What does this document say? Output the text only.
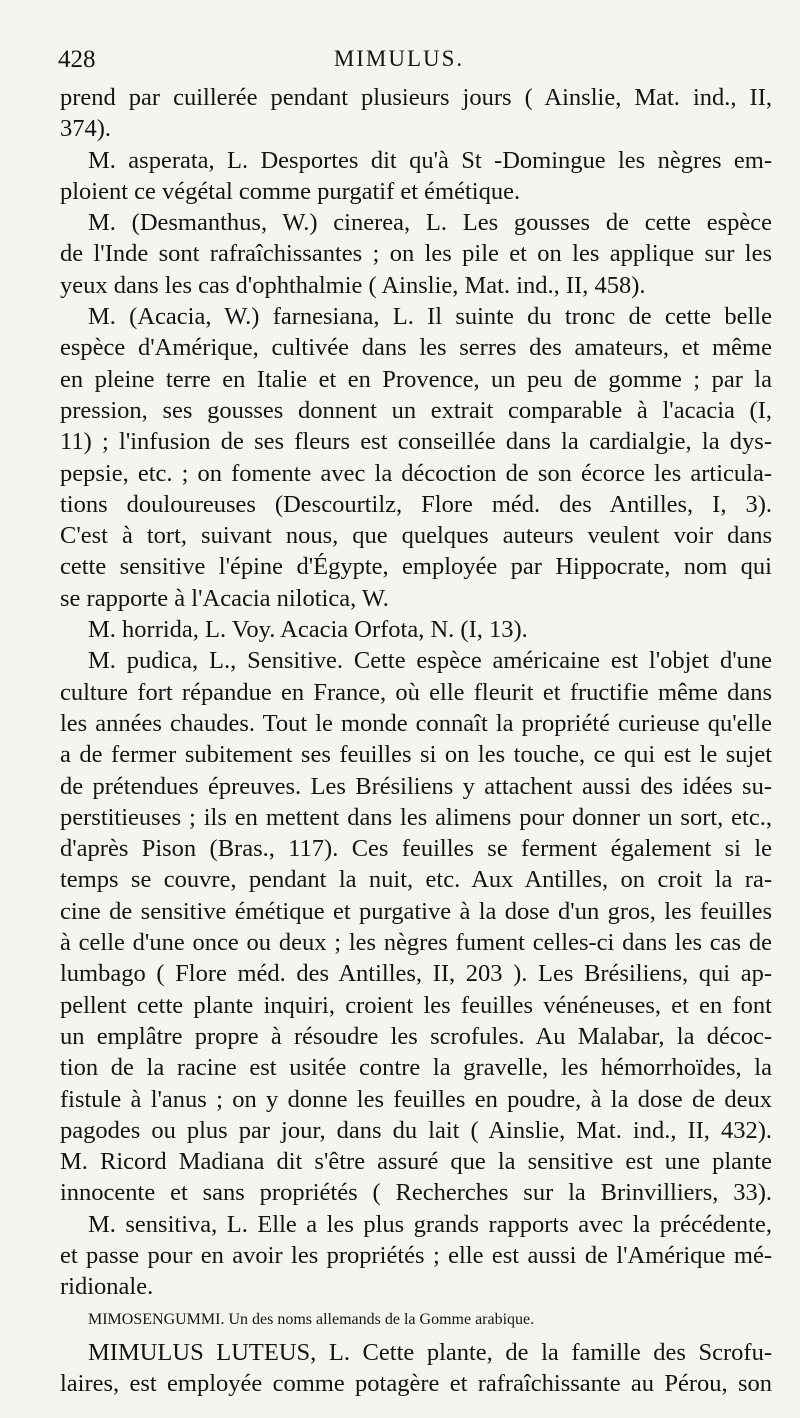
428	MIMULUS.
prend par cuillerée pendant plusieurs jours ( Ainslie, Mat. ind., II,
374).
M. asperata, L. Desportes dit qu'à St -Domingue les nègres em-
ploient ce végétal comme purgatif et émétique.
M. (Desmanthus, W.) cinerea, L. Les gousses de cette espèce
de l'Inde sont rafraîchissantes ; on les pile et on les applique sur les
yeux dans les cas d'ophthalmie ( Ainslie, Mat. ind., II, 458).
M. (Acacia, W.) farnesiana, L. Il suinte du tronc de cette belle
espèce d'Amérique, cultivée dans les serres des amateurs, et même
en pleine terre en Italie et en Provence, un peu de gomme ; par la
pression, ses gousses donnent un extrait comparable à l'acacia (I,
11) ; l'infusion de ses fleurs est conseillée dans la cardialgie, la dys-
pepsie, etc. ; on fomente avec la décoction de son écorce les articula-
tions douloureuses (Descourtilz, Flore méd. des Antilles, I, 3).
C'est à tort, suivant nous, que quelques auteurs veulent voir dans
cette sensitive l'épine d'Égypte, employée par Hippocrate, nom qui
se rapporte à l'Acacia nilotica, W.
M. horrida, L. Voy. Acacia Orfota, N. (I, 13).
M. pudica, L., Sensitive. Cette espèce américaine est l'objet d'une
culture fort répandue en France, où elle fleurit et fructifie même dans
les années chaudes. Tout le monde connaît la propriété curieuse qu'elle
a de fermer subitement ses feuilles si on les touche, ce qui est le sujet
de prétendues épreuves. Les Brésiliens y attachent aussi des idées su-
perstitieuses ; ils en mettent dans les alimens pour donner un sort, etc.,
d'après Pison (Bras., 117). Ces feuilles se ferment également si le
temps se couvre, pendant la nuit, etc. Aux Antilles, on croit la ra-
cine de sensitive émétique et purgative à la dose d'un gros, les feuilles
à celle d'une once ou deux ; les nègres fument celles-ci dans les cas de
lumbago ( Flore méd. des Antilles, II, 203 ). Les Brésiliens, qui ap-
pellent cette plante inquiri, croient les feuilles vénéneuses, et en font
un emplâtre propre à résoudre les scrofules. Au Malabar, la décoc-
tion de la racine est usitée contre la gravelle, les hémorrhoïdes, la
fistule à l'anus ; on y donne les feuilles en poudre, à la dose de deux
pagodes ou plus par jour, dans du lait ( Ainslie, Mat. ind., II, 432).
M. Ricord Madiana dit s'être assuré que la sensitive est une plante
innocente et sans propriétés ( Recherches sur la Brinvilliers, 33).
M. sensitiva, L. Elle a les plus grands rapports avec la précédente,
et passe pour en avoir les propriétés ; elle est aussi de l'Amérique mé-
ridionale.
MIMOSENGUMMI. Un des noms allemands de la Gomme arabique.
MIMULUS LUTEUS, L. Cette plante, de la famille des Scrofu-
laires, est employée comme potagère et rafraîchissante au Pérou, son
